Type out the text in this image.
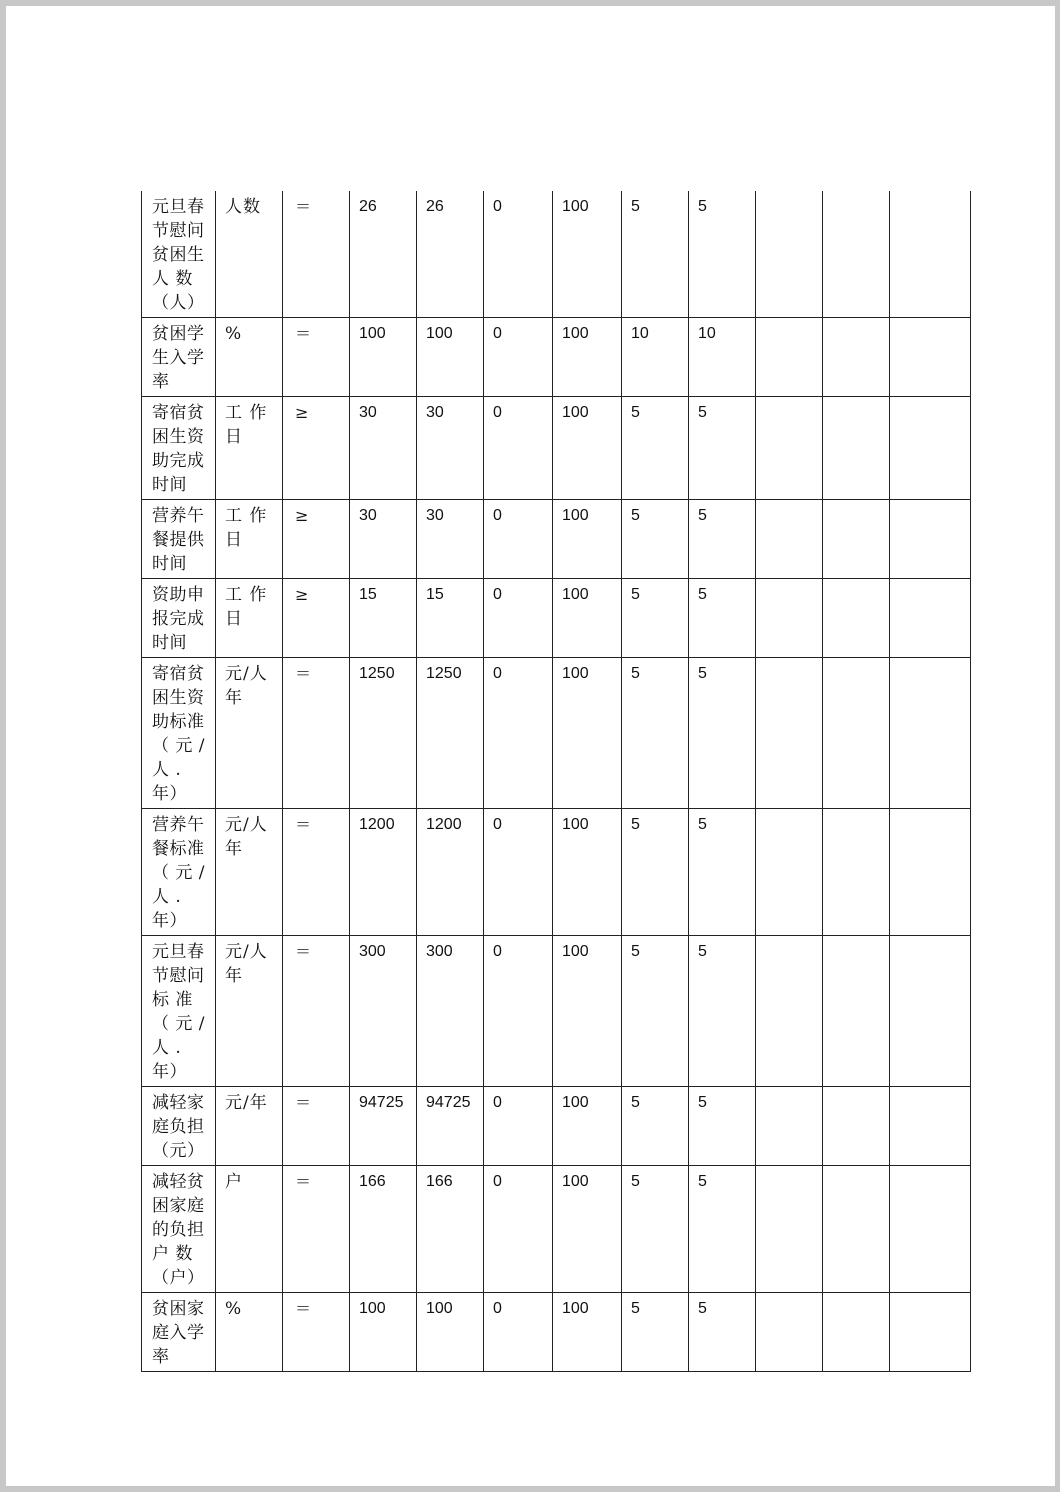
元旦春节慰问贫困生人 数（人）	人数	＝	26	26	0	100	5	5			
贫困学生入学率	%	＝	100	100	0	100	10	10			
寄宿贫困生资助完成时间	工 作日	≥	30	30	0	100	5	5			
营养午餐提供时间	工 作日	≥	30	30	0	100	5	5			
资助申报完成时间	工 作日	≥	15	15	0	100	5	5			
寄宿贫困生资助标准（ 元 / 人 . 年）	元/人年	＝	1250	1250	0	100	5	5			
营养午餐标准（ 元 / 人 . 年）	元/人年	＝	1200	1200	0	100	5	5			
元旦春节慰问标 准（ 元 / 人 . 年）	元/人年	＝	300	300	0	100	5	5			
减轻家庭负担（元）	元/年	＝	94725	94725	0	100	5	5			
减轻贫困家庭的负担户 数（户）	户	＝	166	166	0	100	5	5			
贫困家庭入学率	%	＝	100	100	0	100	5	5			
